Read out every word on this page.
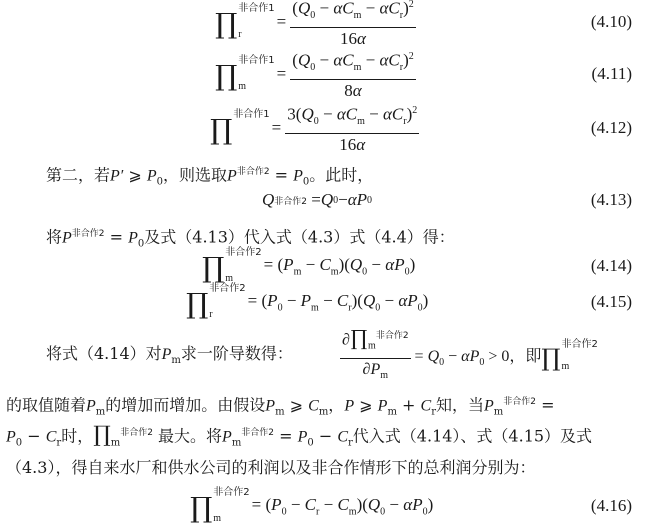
∏ 非合作1
r
= $\frac{(Q_0 - \alpha C_m - \alpha C_r)^2}{16\alpha}$	(4.10)
∏ 非合作1
m
= $\frac{(Q_0 - \alpha C_m - \alpha C_r)^2}{8\alpha}$	(4.11)
∏ 非合作1
= $\frac{3(Q_0 - \alpha C_m - \alpha C_r)^2}{16\alpha}$	(4.12)
第二，若P′ ⩾ $P_0$，则选取$P^{非合作2} = P_0$。此时，
Q 非合作2 = Q 0 − αP 0	(4.13)
将$P^{非合作2} = P_0$及式（4.13）代入式（4.3）式（4.4）得：
∏ 非合作2
m
= $(P_m - C_m)(Q_0 - \alpha P_0)$	(4.14)
∏ 非合作2
r
= $(P_0 - P_m - C_r)(Q_0 - \alpha P_0)$	(4.15)
将式（4.14）对$P_m$求一阶导数得：	$\frac{\partial\prod_m^{非合作2}}{\partial P_m} = Q_0 - \alpha P_0 > 0$，即 ∏ 非合作2
m
的取值随着$P_m$的增加而增加。由假设$P_m$ ⩾ $C_m$，P ⩾ $P_m + C_r$知，当$P_m^{非合作2}$ =
$P_0 - C_r$时，$\prod_m^{非合作2}$ 最大。将$P_m^{非合作2} = P_0 - C_r$代入式（4.14）、式（4.15）及式
（4.3），得自来水厂和供水公司的利润以及非合作情形下的总利润分别为：
∏ 非合作2
m
= $(P_0 - C_r - C_m)(Q_0 - \alpha P_0)$	(4.16)
